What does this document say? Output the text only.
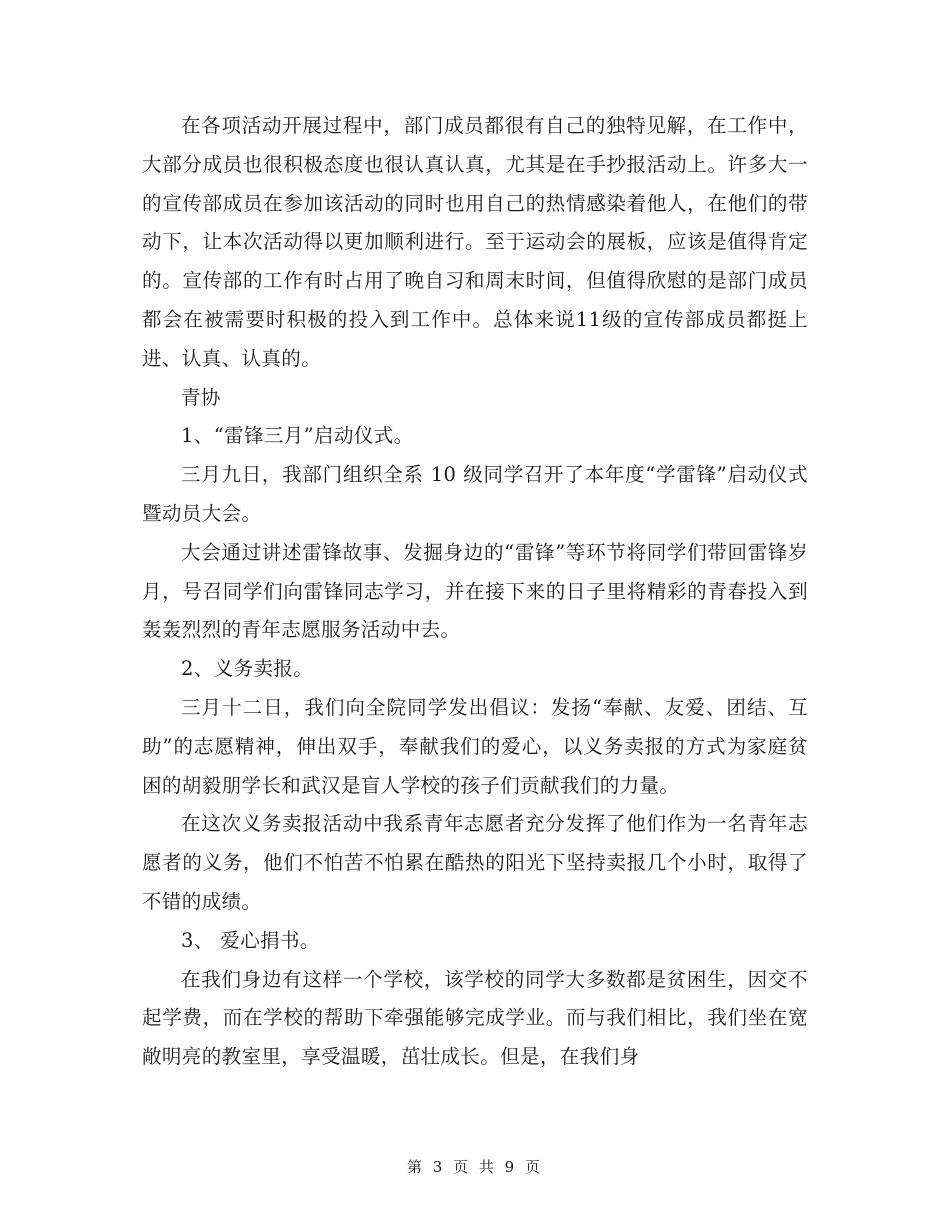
在各项活动开展过程中，部门成员都很有自己的独特见解，在工作中，大部分成员也很积极态度也很认真认真，尤其是在手抄报活动上。许多大一的宣传部成员在参加该活动的同时也用自己的热情感染着他人，在他们的带动下，让本次活动得以更加顺利进行。至于运动会的展板，应该是值得肯定的。宣传部的工作有时占用了晚自习和周末时间，但值得欣慰的是部门成员都会在被需要时积极的投入到工作中。总体来说11级的宣传部成员都挺上进、认真、认真的。

青协

1、“雷锋三月”启动仪式。

三月九日，我部门组织全系 10 级同学召开了本年度“学雷锋”启动仪式暨动员大会。

大会通过讲述雷锋故事、发掘身边的“雷锋”等环节将同学们带回雷锋岁月，号召同学们向雷锋同志学习，并在接下来的日子里将精彩的青春投入到轰轰烈烈的青年志愿服务活动中去。

2、义务卖报。

三月十二日，我们向全院同学发出倡议：发扬“奉献、友爱、团结、互助”的志愿精神，伸出双手，奉献我们的爱心，以义务卖报的方式为家庭贫困的胡毅朋学长和武汉是盲人学校的孩子们贡献我们的力量。

在这次义务卖报活动中我系青年志愿者充分发挥了他们作为一名青年志愿者的义务，他们不怕苦不怕累在酷热的阳光下坚持卖报几个小时，取得了不错的成绩。

3、 爱心捐书。

在我们身边有这样一个学校，该学校的同学大多数都是贫困生，因交不起学费，而在学校的帮助下牵强能够完成学业。而与我们相比，我们坐在宽敞明亮的教室里，享受温暖，茁壮成长。但是，在我们身

第 3 页 共 9 页
